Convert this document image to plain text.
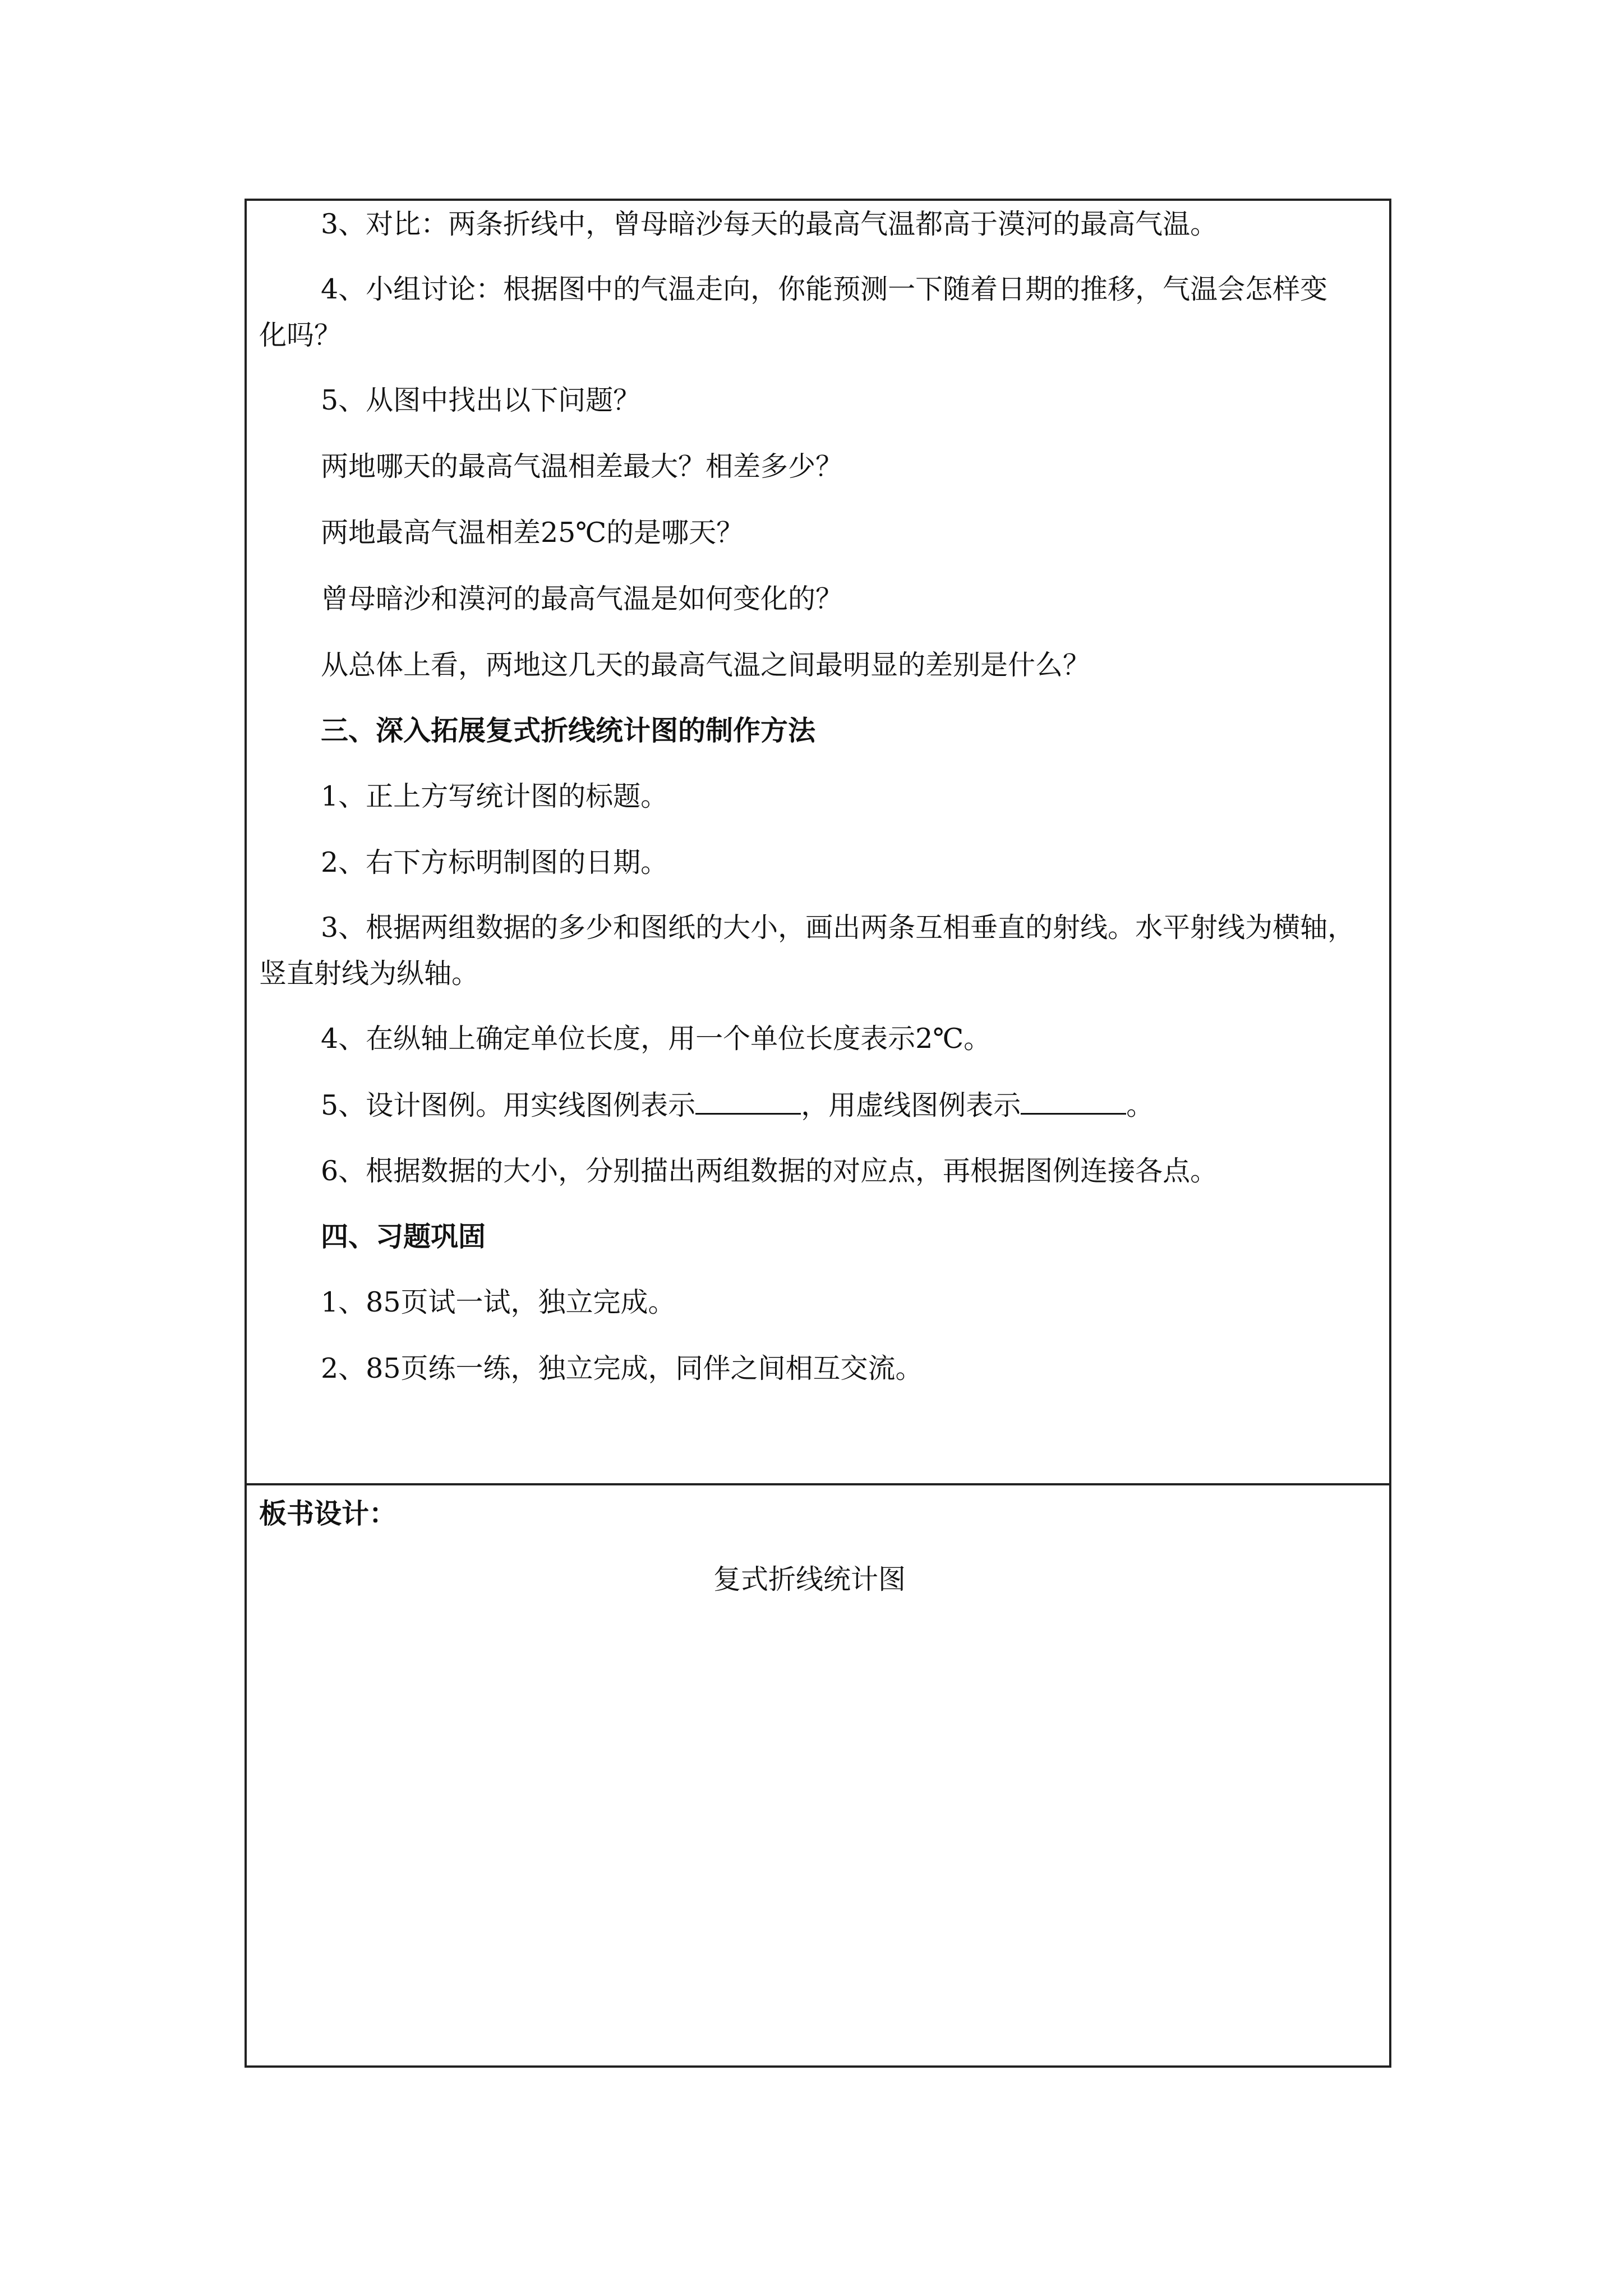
3、对比：两条折线中，曾母暗沙每天的最高气温都高于漠河的最高气温。
4、小组讨论：根据图中的气温走向，你能预测一下随着日期的推移，气温会怎样变
化吗？
5、从图中找出以下问题？
两地哪天的最高气温相差最大？相差多少？
两地最高气温相差25℃的是哪天？
曾母暗沙和漠河的最高气温是如何变化的？
从总体上看，两地这几天的最高气温之间最明显的差别是什么？
三、深入拓展复式折线统计图的制作方法
1、正上方写统计图的标题。
2、右下方标明制图的日期。
3、根据两组数据的多少和图纸的大小，画出两条互相垂直的射线。水平射线为横轴，
竖直射线为纵轴。
4、在纵轴上确定单位长度，用一个单位长度表示2℃。
5、设计图例。用实线图例表示	，用虚线图例表示	。
6、根据数据的大小，分别描出两组数据的对应点，再根据图例连接各点。
四、习题巩固
1、85页试一试，独立完成。
2、85页练一练，独立完成，同伴之间相互交流。
板书设计：
复式折线统计图
